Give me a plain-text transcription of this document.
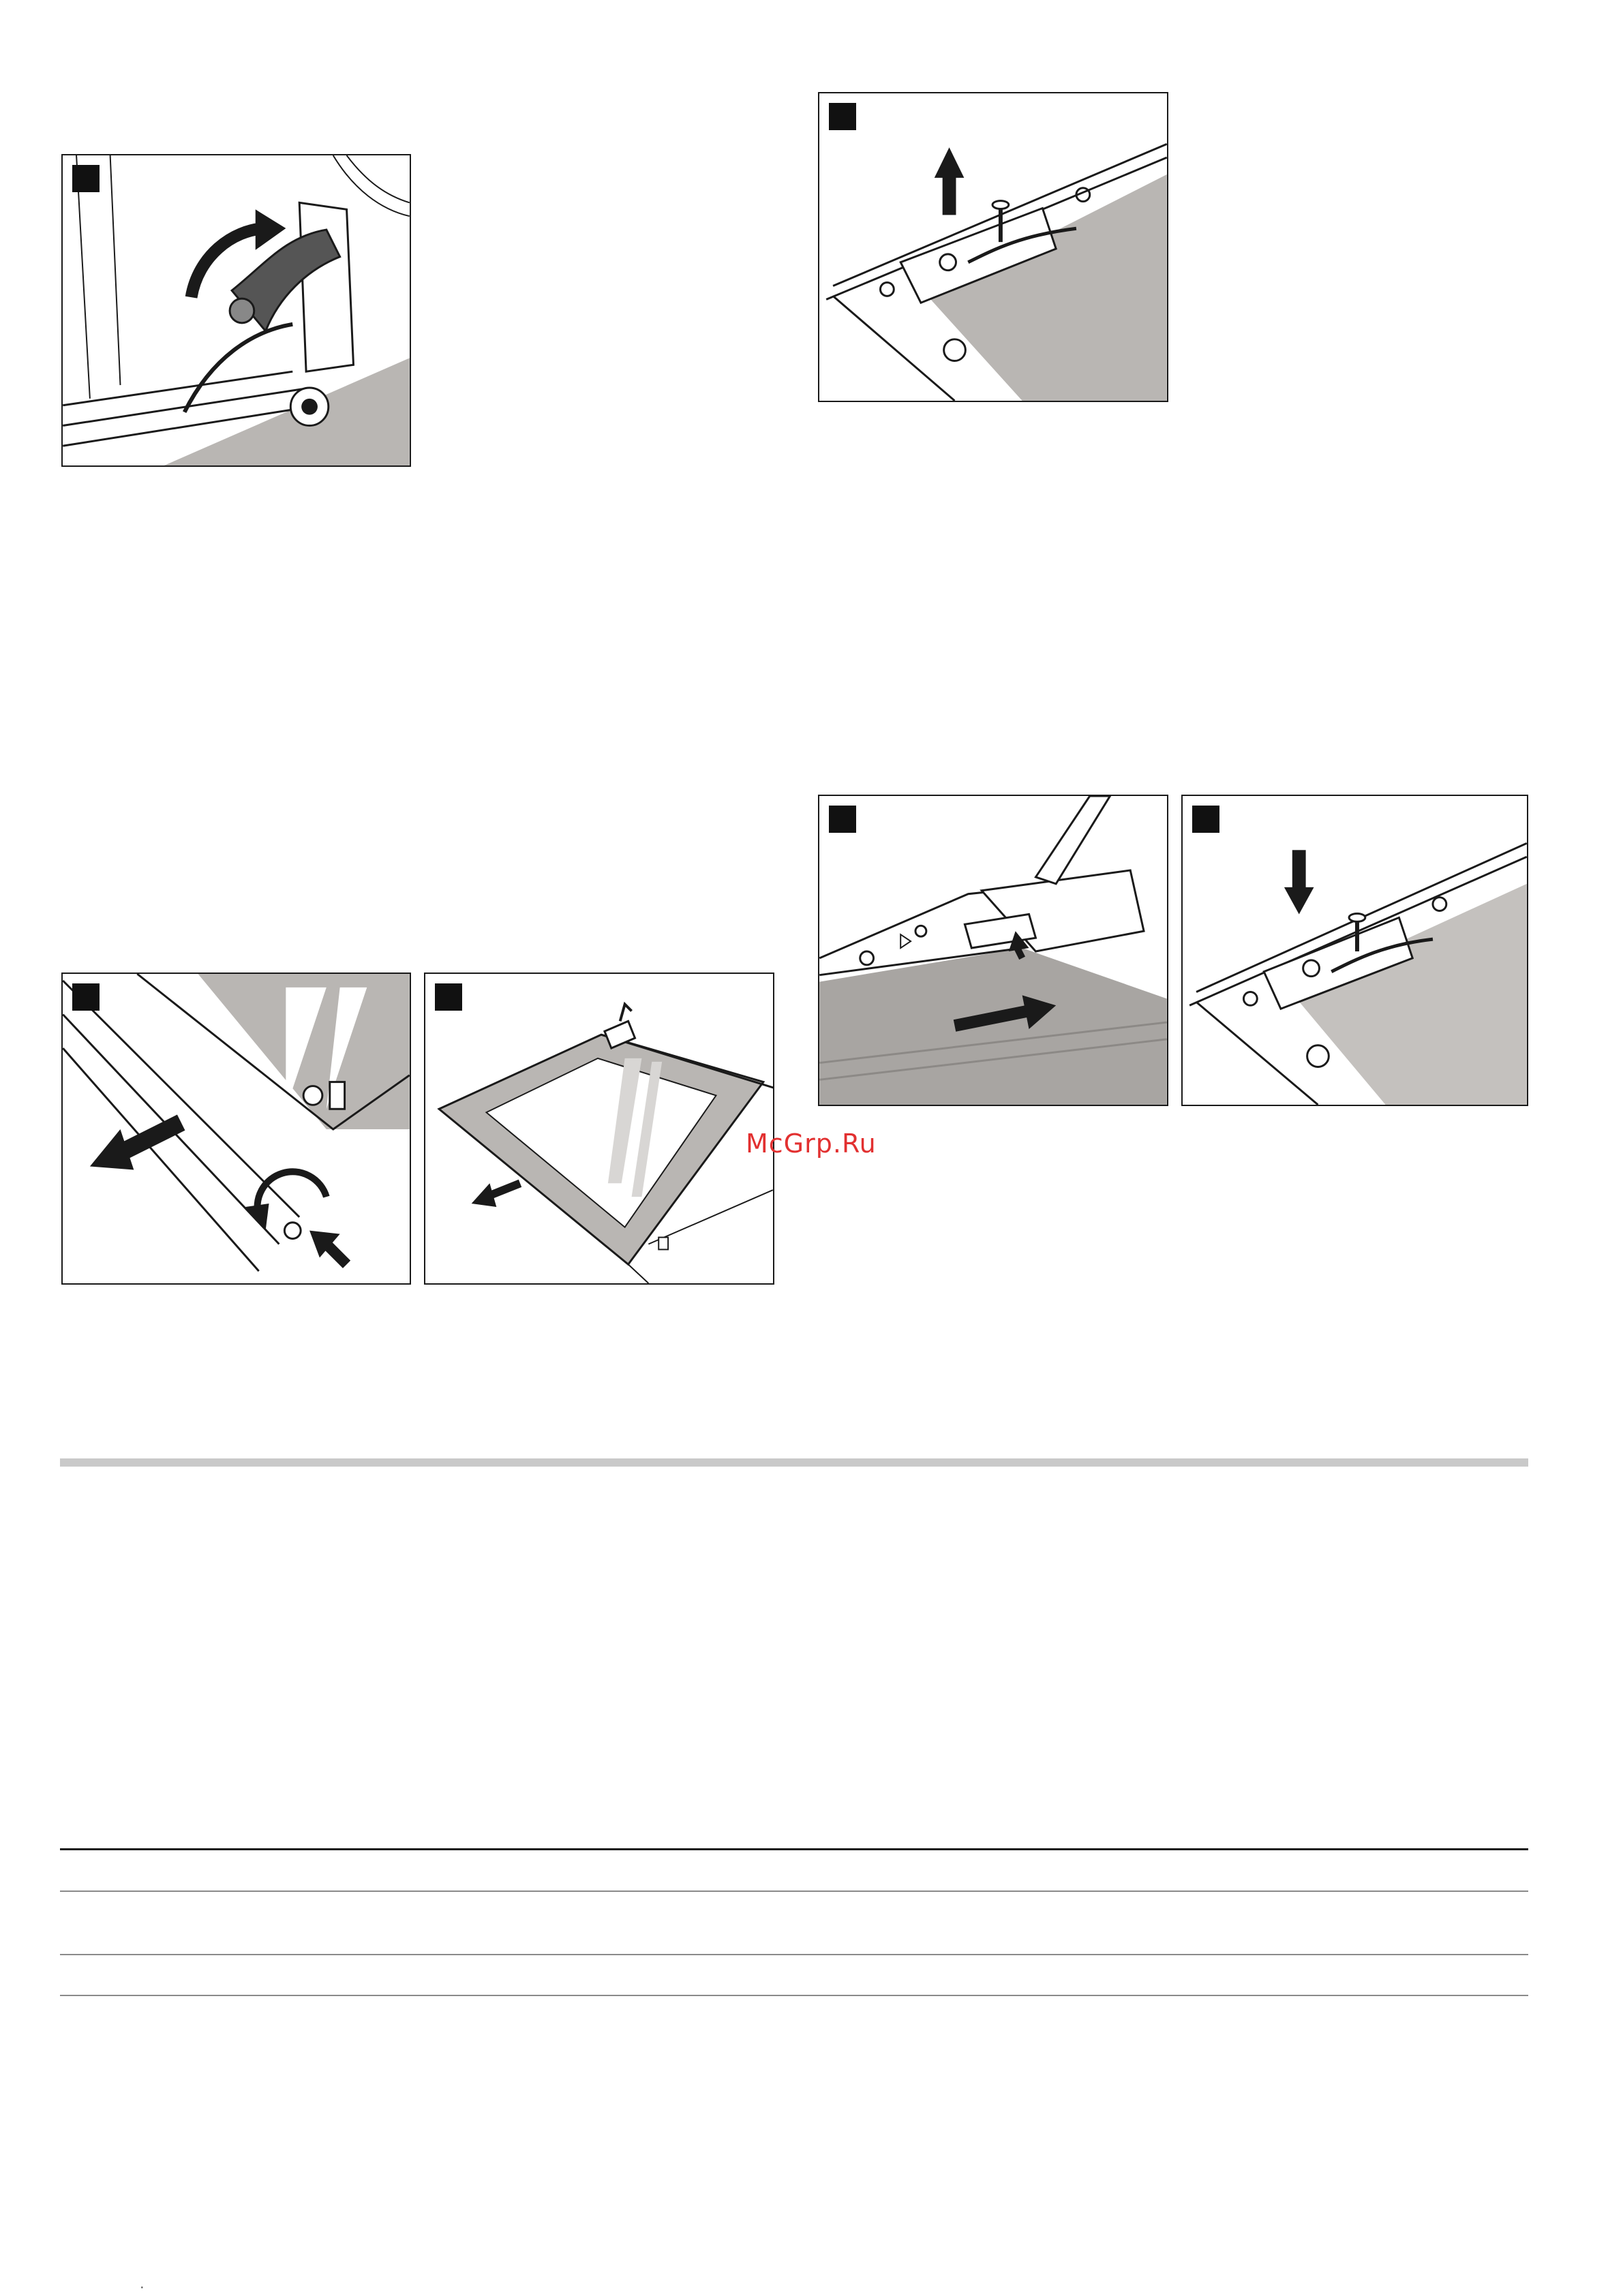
McGrp.Ru
·
